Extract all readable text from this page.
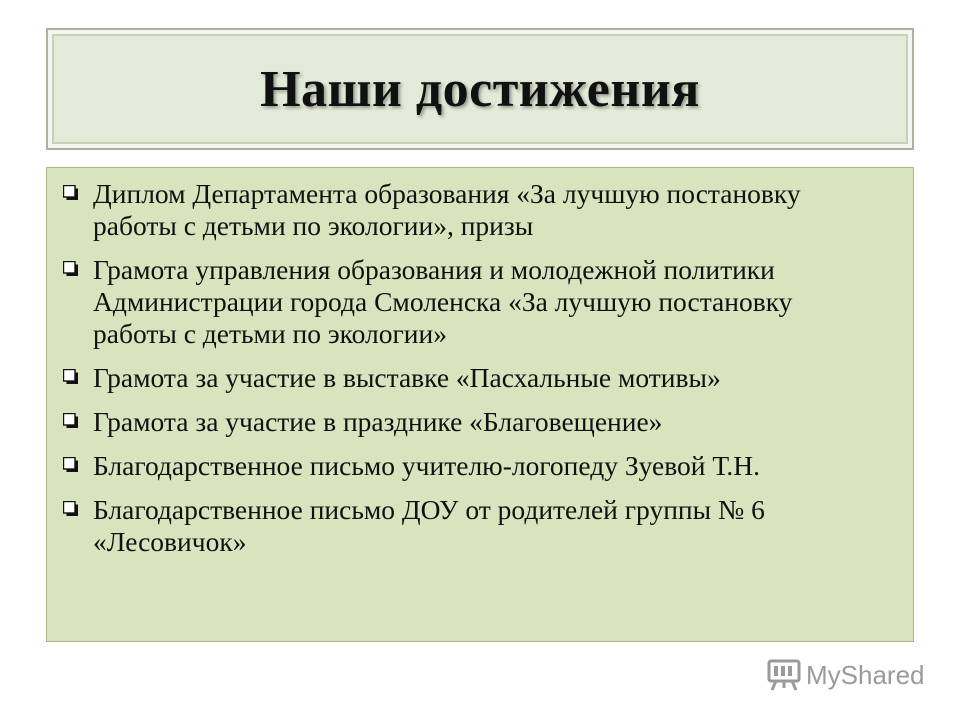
Наши достижения
Диплом Департамента образования «За лучшую постановку работы с детьми по экологии», призы
Грамота управления образования и молодежной политики Администрации города Смоленска «За лучшую постановку работы с детьми по экологии»
Грамота за участие в выставке «Пасхальные мотивы»
Грамота за участие в празднике «Благовещение»
Благодарственное письмо учителю-логопеду Зуевой Т.Н.
Благодарственное письмо ДОУ от родителей группы № 6 «Лесовичок»
MyShared
